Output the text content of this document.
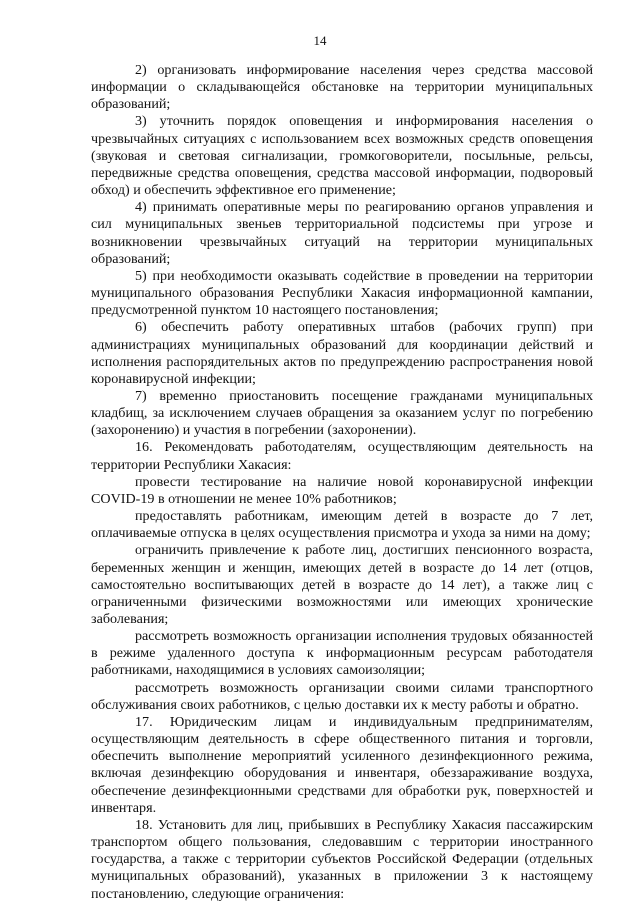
14

2) организовать информирование населения через средства массовой информации о складывающейся обстановке на территории муниципальных образований;

3) уточнить порядок оповещения и информирования населения о чрезвычайных ситуациях с использованием всех возможных средств оповещения (звуковая и световая сигнализации, громкоговорители, посыльные, рельсы, передвижные средства оповещения, средства массовой информации, подворовый обход) и обеспечить эффективное его применение;

4) принимать оперативные меры по реагированию органов управления и сил муниципальных звеньев территориальной подсистемы при угрозе и возникновении чрезвычайных ситуаций на территории муниципальных образований;

5) при необходимости оказывать содействие в проведении на территории муниципального образования Республики Хакасия информационной кампании, предусмотренной пунктом 10 настоящего постановления;

6) обеспечить работу оперативных штабов (рабочих групп) при администрациях муниципальных образований для координации действий и исполнения распорядительных актов по предупреждению распространения новой коронавирусной инфекции;

7) временно приостановить посещение гражданами муниципальных кладбищ, за исключением случаев обращения за оказанием услуг по погребению (захоронению) и участия в погребении (захоронении).

16. Рекомендовать работодателям, осуществляющим деятельность на территории Республики Хакасия:

провести тестирование на наличие новой коронавирусной инфекции COVID-19 в отношении не менее 10% работников;

предоставлять работникам, имеющим детей в возрасте до 7 лет, оплачиваемые отпуска в целях осуществления присмотра и ухода за ними на дому;

ограничить привлечение к работе лиц, достигших пенсионного возраста, беременных женщин и женщин, имеющих детей в возрасте до 14 лет (отцов, самостоятельно воспитывающих детей в возрасте до 14 лет), а также лиц с ограниченными физическими возможностями или имеющих хронические заболевания;

рассмотреть возможность организации исполнения трудовых обязанностей в режиме удаленного доступа к информационным ресурсам работодателя работниками, находящимися в условиях самоизоляции;

рассмотреть возможность организации своими силами транспортного обслуживания своих работников, с целью доставки их к месту работы и обратно.

17. Юридическим лицам и индивидуальным предпринимателям, осуществляющим деятельность в сфере общественного питания и торговли, обеспечить выполнение мероприятий усиленного дезинфекционного режима, включая дезинфекцию оборудования и инвентаря, обеззараживание воздуха, обеспечение дезинфекционными средствами для обработки рук, поверхностей и инвентаря.

18. Установить для лиц, прибывших в Республику Хакасия пассажирским транспортом общего пользования, следовавшим с территории иностранного государства, а также с территории субъектов Российской Федерации (отдельных муниципальных образований), указанных в приложении 3 к настоящему постановлению, следующие ограничения:
